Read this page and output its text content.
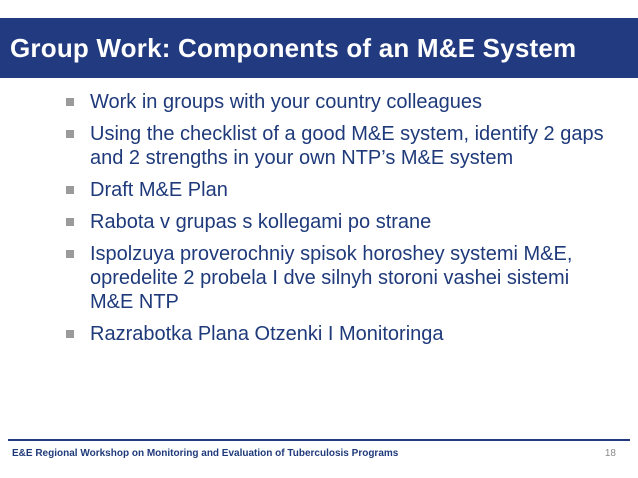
Group Work: Components of an M&E System
Work in groups with your country colleagues
Using the checklist of a good M&E system, identify 2 gaps and 2 strengths in your own NTP’s M&E system
Draft M&E Plan
Rabota v grupas s kollegami po strane
Ispolzuya proverochniy spisok horoshey systemi M&E, opredelite 2 probela I dve silnyh storoni vashei sistemi M&E NTP
Razrabotka Plana Otzenki I Monitoringa
E&E Regional Workshop on Monitoring and Evaluation of Tuberculosis Programs	18
